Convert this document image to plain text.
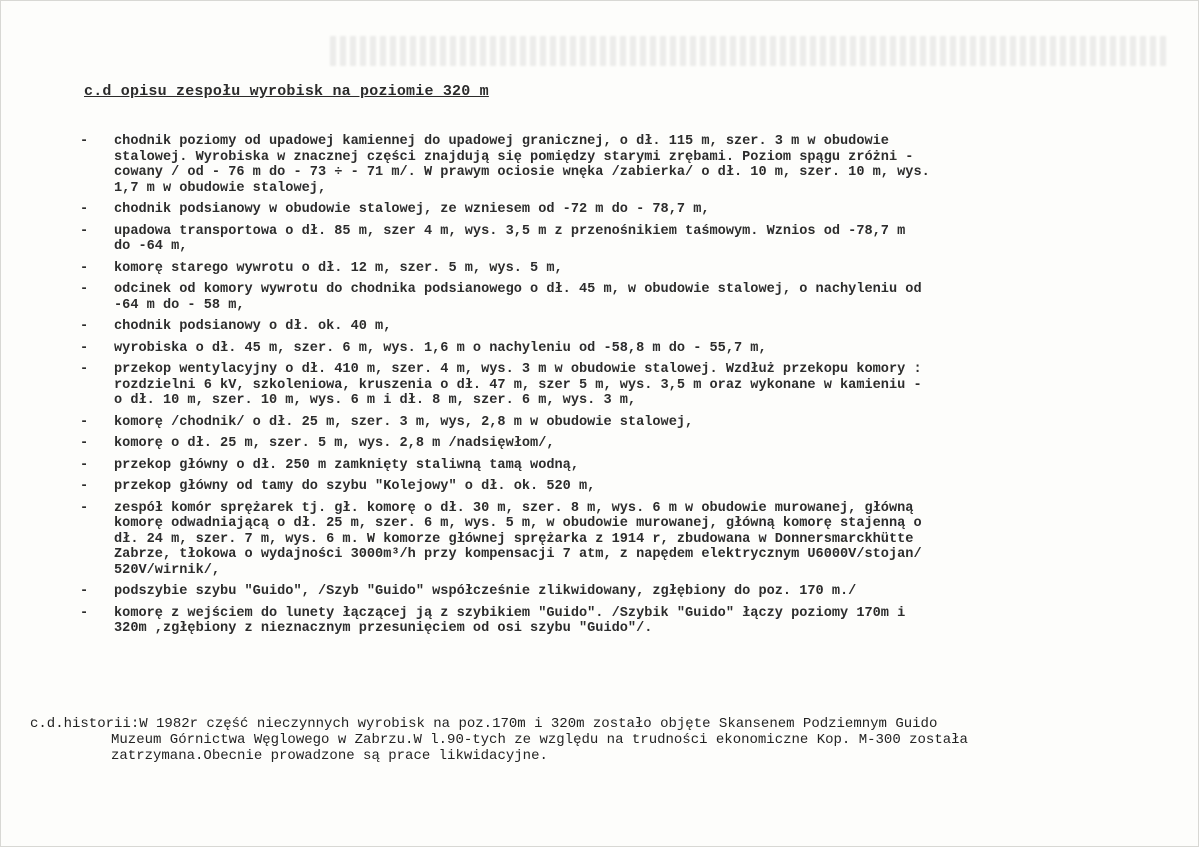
c.d opisu zespołu wyrobisk na poziomie 320 m
-	chodnik poziomy od upadowej kamiennej do upadowej granicznej, o dł. 115 m, szer. 3 m w obudowie
stalowej. Wyrobiska w znacznej części znajdują się pomiędzy starymi zrębami. Poziom spągu zróżni -
cowany / od - 76 m do - 73 ÷ - 71 m/. W prawym ociosie wnęka /zabierka/ o dł. 10 m, szer. 10 m, wys.
1,7 m w obudowie stalowej,
-	chodnik podsianowy w obudowie stalowej, ze wzniesem od -72 m do - 78,7 m,
-	upadowa transportowa o dł. 85 m, szer 4 m, wys. 3,5 m z przenośnikiem taśmowym. Wznios od -78,7 m
do -64 m,
-	komorę starego wywrotu o dł. 12 m, szer. 5 m, wys. 5 m,
-	odcinek od komory wywrotu do chodnika podsianowego o dł. 45 m, w obudowie stalowej, o nachyleniu od
-64 m do - 58 m,
-	chodnik podsianowy o dł. ok. 40 m,
-	wyrobiska o dł. 45 m, szer. 6 m, wys. 1,6 m o nachyleniu od -58,8 m do - 55,7 m,
-	przekop wentylacyjny o dł. 410 m, szer. 4 m, wys. 3 m w obudowie stalowej. Wzdłuż przekopu komory :
rozdzielni 6 kV, szkoleniowa, kruszenia o dł. 47 m, szer 5 m, wys. 3,5 m oraz wykonane w kamieniu -
o dł. 10 m, szer. 10 m, wys. 6 m i dł. 8 m, szer. 6 m, wys. 3 m,
-	komorę /chodnik/ o dł. 25 m, szer. 3 m, wys, 2,8 m w obudowie stalowej,
-	komorę o dł. 25 m, szer. 5 m, wys. 2,8 m /nadsięwłom/,
-	przekop główny o dł. 250 m zamknięty staliwną tamą wodną,
-	przekop główny od tamy do szybu "Kolejowy" o dł. ok. 520 m,
-	zespół komór sprężarek tj. gł. komorę o dł. 30 m, szer. 8 m, wys. 6 m w obudowie murowanej, główną
komorę odwadniającą o dł. 25 m, szer. 6 m, wys. 5 m, w obudowie murowanej, główną komorę stajenną o
dł. 24 m, szer. 7 m, wys. 6 m. W komorze głównej sprężarka z 1914 r, zbudowana w Donnersmarckhütte
Zabrze, tłokowa o wydajności 3000m³/h przy kompensacji 7 atm, z napędem elektrycznym U6000V/stojan/
520V/wirnik/,
-	podszybie szybu "Guido", /Szyb "Guido" współcześnie zlikwidowany, zgłębiony do poz. 170 m./
-	komorę z wejściem do lunety łączącej ją z szybikiem "Guido". /Szybik "Guido" łączy poziomy 170m i
320m ,zgłębiony z nieznacznym przesunięciem od osi szybu "Guido"/.
c.d.historii: W 1982r część nieczynnych wyrobisk na poz.170m i 320m zostało objęte Skansenem Podziemnym Guido
Muzeum Górnictwa Węglowego w Zabrzu.W l.90-tych ze względu na trudności ekonomiczne Kop. M-300 została
zatrzymana.Obecnie prowadzone są prace likwidacyjne.
